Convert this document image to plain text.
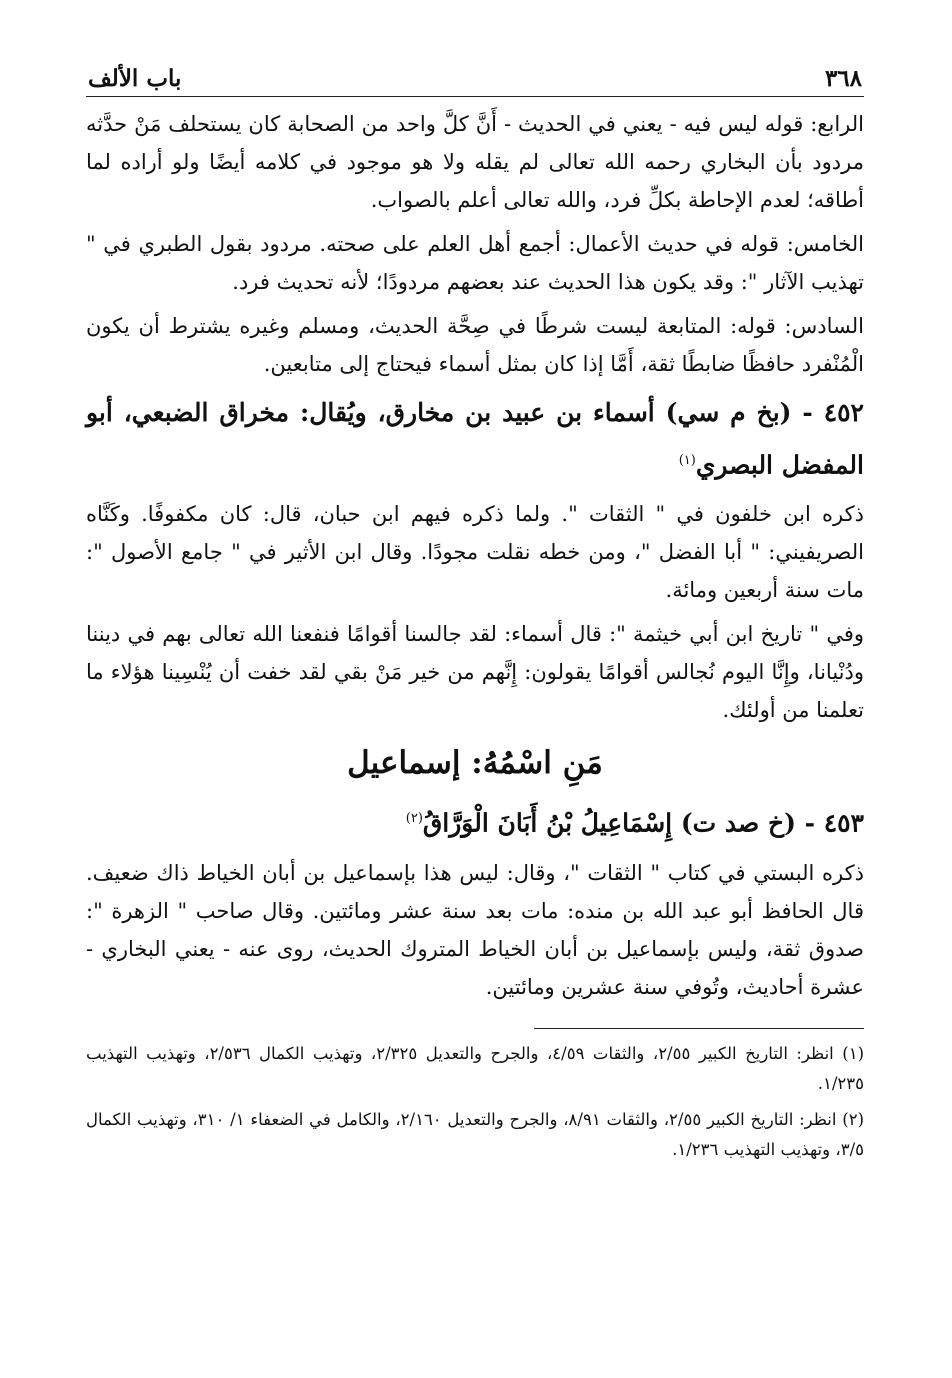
٣٦٨
باب الألف

الرابع: قوله ليس فيه - يعني في الحديث - أَنَّ كلَّ واحد من الصحابة كان يستحلف مَنْ حدَّثه مردود بأن البخاري رحمه الله تعالى لم يقله ولا هو موجود في كلامه أيضًا ولو أراده لما أطاقه؛ لعدم الإحاطة بكلِّ فرد، والله تعالى أعلم بالصواب.

الخامس: قوله في حديث الأعمال: أجمع أهل العلم على صحته. مردود بقول الطبري في " تهذيب الآثار ": وقد يكون هذا الحديث عند بعضهم مردودًا؛ لأنه تحديث فرد.

السادس: قوله: المتابعة ليست شرطًا في صِحَّة الحديث، ومسلم وغيره يشترط أن يكون الْمُنْفرد حافظًا ضابطًا ثقة، أَمَّا إذا كان بمثل أسماء فيحتاج إلى متابعين.

٤٥٢ - (بخ م سي) أسماء بن عبيد بن مخارق، ويُقال: مخراق الضبعي، أبو المفضل البصري$^{(١)}$

ذكره ابن خلفون في " الثقات ". ولما ذكره فيهم ابن حبان، قال: كان مكفوفًا. وكَنَّاه الصريفيني: " أبا الفضل "، ومن خطه نقلت مجودًا. وقال ابن الأثير في " جامع الأصول ": مات سنة أربعين ومائة.

وفي " تاريخ ابن أبي خيثمة ": قال أسماء: لقد جالسنا أقوامًا فنفعنا الله تعالى بهم في ديننا ودُنْيانا، وإِنَّا اليوم نُجالس أقوامًا يقولون: إِنَّهم من خير مَنْ بقي لقد خفت أن يُنْسِينا هؤلاء ما تعلمنا من أولئك.

مَنِ اسْمُهُ: إسماعيل
٤٥٣ - (خ صد ت) إِسْمَاعِيلُ بْنُ أَبَانَ الْوَرَّاقُ$^{(٢)}$

ذكره البستي في كتاب " الثقات "، وقال: ليس هذا بإسماعيل بن أبان الخياط ذاك ضعيف. قال الحافظ أبو عبد الله بن منده: مات بعد سنة عشر ومائتين. وقال صاحب " الزهرة ": صدوق ثقة، وليس بإسماعيل بن أبان الخياط المتروك الحديث، روى عنه - يعني البخاري - عشرة أحاديث، وتُوفي سنة عشرين ومائتين.

(١) انظر: التاريخ الكبير ٢/٥٥، والثقات ٤/٥٩، والجرح والتعديل ٢/٣٢٥، وتهذيب الكمال ٢/٥٣٦، وتهذيب التهذيب ١/٢٣٥.

(٢) انظر: التاريخ الكبير ٢/٥٥، والثقات ٨/٩١، والجرح والتعديل ٢/١٦٠، والكامل في الضعفاء ١/ ٣١٠، وتهذيب الكمال ٣/٥، وتهذيب التهذيب ١/٢٣٦.
